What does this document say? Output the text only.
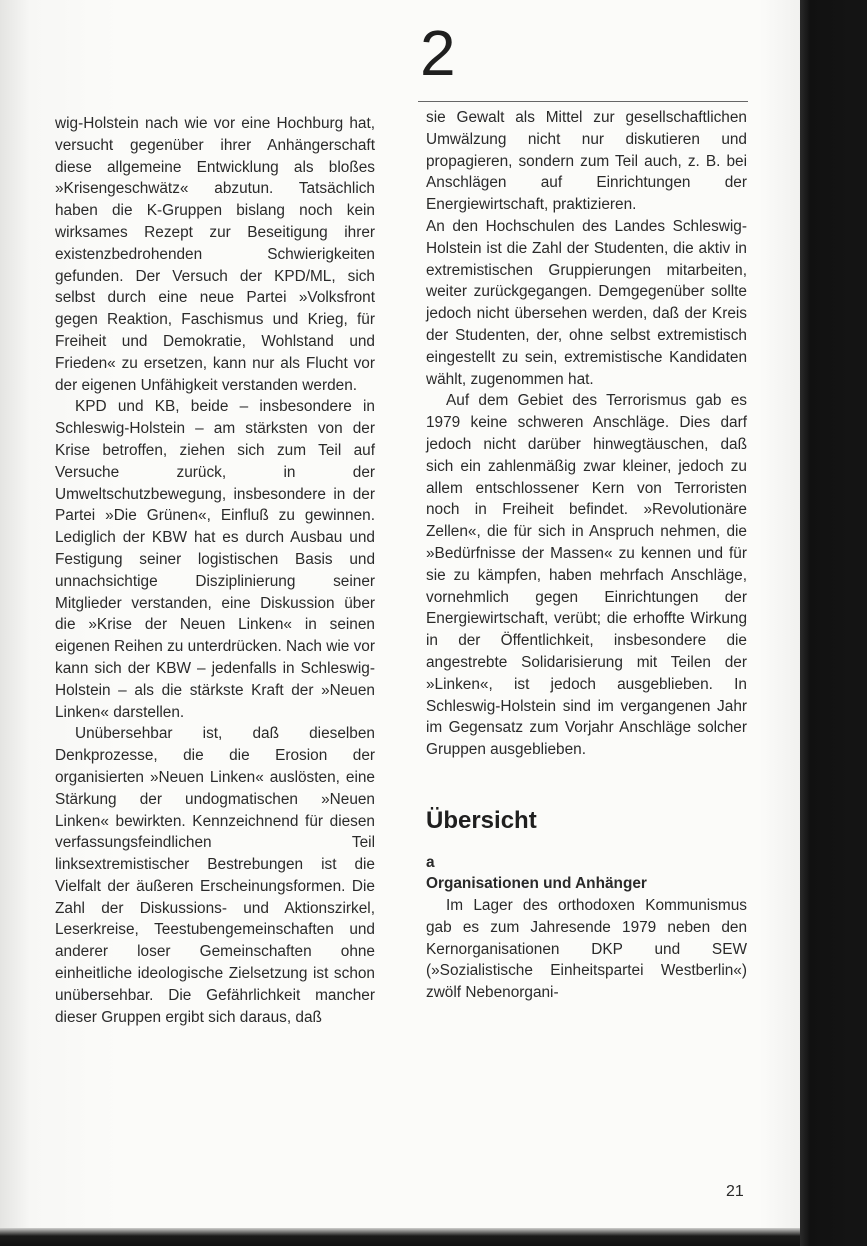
2

wig-Holstein nach wie vor eine Hochburg hat, versucht gegenüber ihrer Anhängerschaft diese allgemeine Entwicklung als bloßes »Krisengeschwätz« abzutun. Tatsächlich haben die K-Gruppen bislang noch kein wirksames Rezept zur Beseitigung ihrer existenzbedrohenden Schwierigkeiten gefunden. Der Versuch der KPD/ML, sich selbst durch eine neue Partei »Volksfront gegen Reaktion, Faschismus und Krieg, für Freiheit und Demokratie, Wohlstand und Frieden« zu ersetzen, kann nur als Flucht vor der eigenen Unfähigkeit verstanden werden.

KPD und KB, beide – insbesondere in Schleswig-Holstein – am stärksten von der Krise betroffen, ziehen sich zum Teil auf Versuche zurück, in der Umweltschutzbewegung, insbesondere in der Partei »Die Grünen«, Einfluß zu gewinnen. Lediglich der KBW hat es durch Ausbau und Festigung seiner logistischen Basis und unnachsichtige Disziplinierung seiner Mitglieder verstanden, eine Diskussion über die »Krise der Neuen Linken« in seinen eigenen Reihen zu unterdrücken. Nach wie vor kann sich der KBW – jedenfalls in Schleswig-Holstein – als die stärkste Kraft der »Neuen Linken« darstellen.

Unübersehbar ist, daß dieselben Denkprozesse, die die Erosion der organisierten »Neuen Linken« auslösten, eine Stärkung der undogmatischen »Neuen Linken« bewirkten. Kennzeichnend für diesen verfassungsfeindlichen Teil linksextremistischer Bestrebungen ist die Vielfalt der äußeren Erscheinungsformen. Die Zahl der Diskussions- und Aktionszirkel, Leserkreise, Teestubengemeinschaften und anderer loser Gemeinschaften ohne einheitliche ideologische Zielsetzung ist schon unübersehbar. Die Gefährlichkeit mancher dieser Gruppen ergibt sich daraus, daß

sie Gewalt als Mittel zur gesellschaftlichen Umwälzung nicht nur diskutieren und propagieren, sondern zum Teil auch, z. B. bei Anschlägen auf Einrichtungen der Energiewirtschaft, praktizieren.

An den Hochschulen des Landes Schleswig-Holstein ist die Zahl der Studenten, die aktiv in extremistischen Gruppierungen mitarbeiten, weiter zurückgegangen. Demgegenüber sollte jedoch nicht übersehen werden, daß der Kreis der Studenten, der, ohne selbst extremistisch eingestellt zu sein, extremistische Kandidaten wählt, zugenommen hat.

Auf dem Gebiet des Terrorismus gab es 1979 keine schweren Anschläge. Dies darf jedoch nicht darüber hinwegtäuschen, daß sich ein zahlenmäßig zwar kleiner, jedoch zu allem entschlossener Kern von Terroristen noch in Freiheit befindet. »Revolutionäre Zellen«, die für sich in Anspruch nehmen, die »Bedürfnisse der Massen« zu kennen und für sie zu kämpfen, haben mehrfach Anschläge, vornehmlich gegen Einrichtungen der Energiewirtschaft, verübt; die erhoffte Wirkung in der Öffentlichkeit, insbesondere die angestrebte Solidarisierung mit Teilen der »Linken«, ist jedoch ausgeblieben. In Schleswig-Holstein sind im vergangenen Jahr im Gegensatz zum Vorjahr Anschläge solcher Gruppen ausgeblieben.

Übersicht
a
Organisationen und Anhänger

Im Lager des orthodoxen Kommunismus gab es zum Jahresende 1979 neben den Kernorganisationen DKP und SEW (»Sozialistische Einheitspartei Westberlin«) zwölf Nebenorgani-

21
